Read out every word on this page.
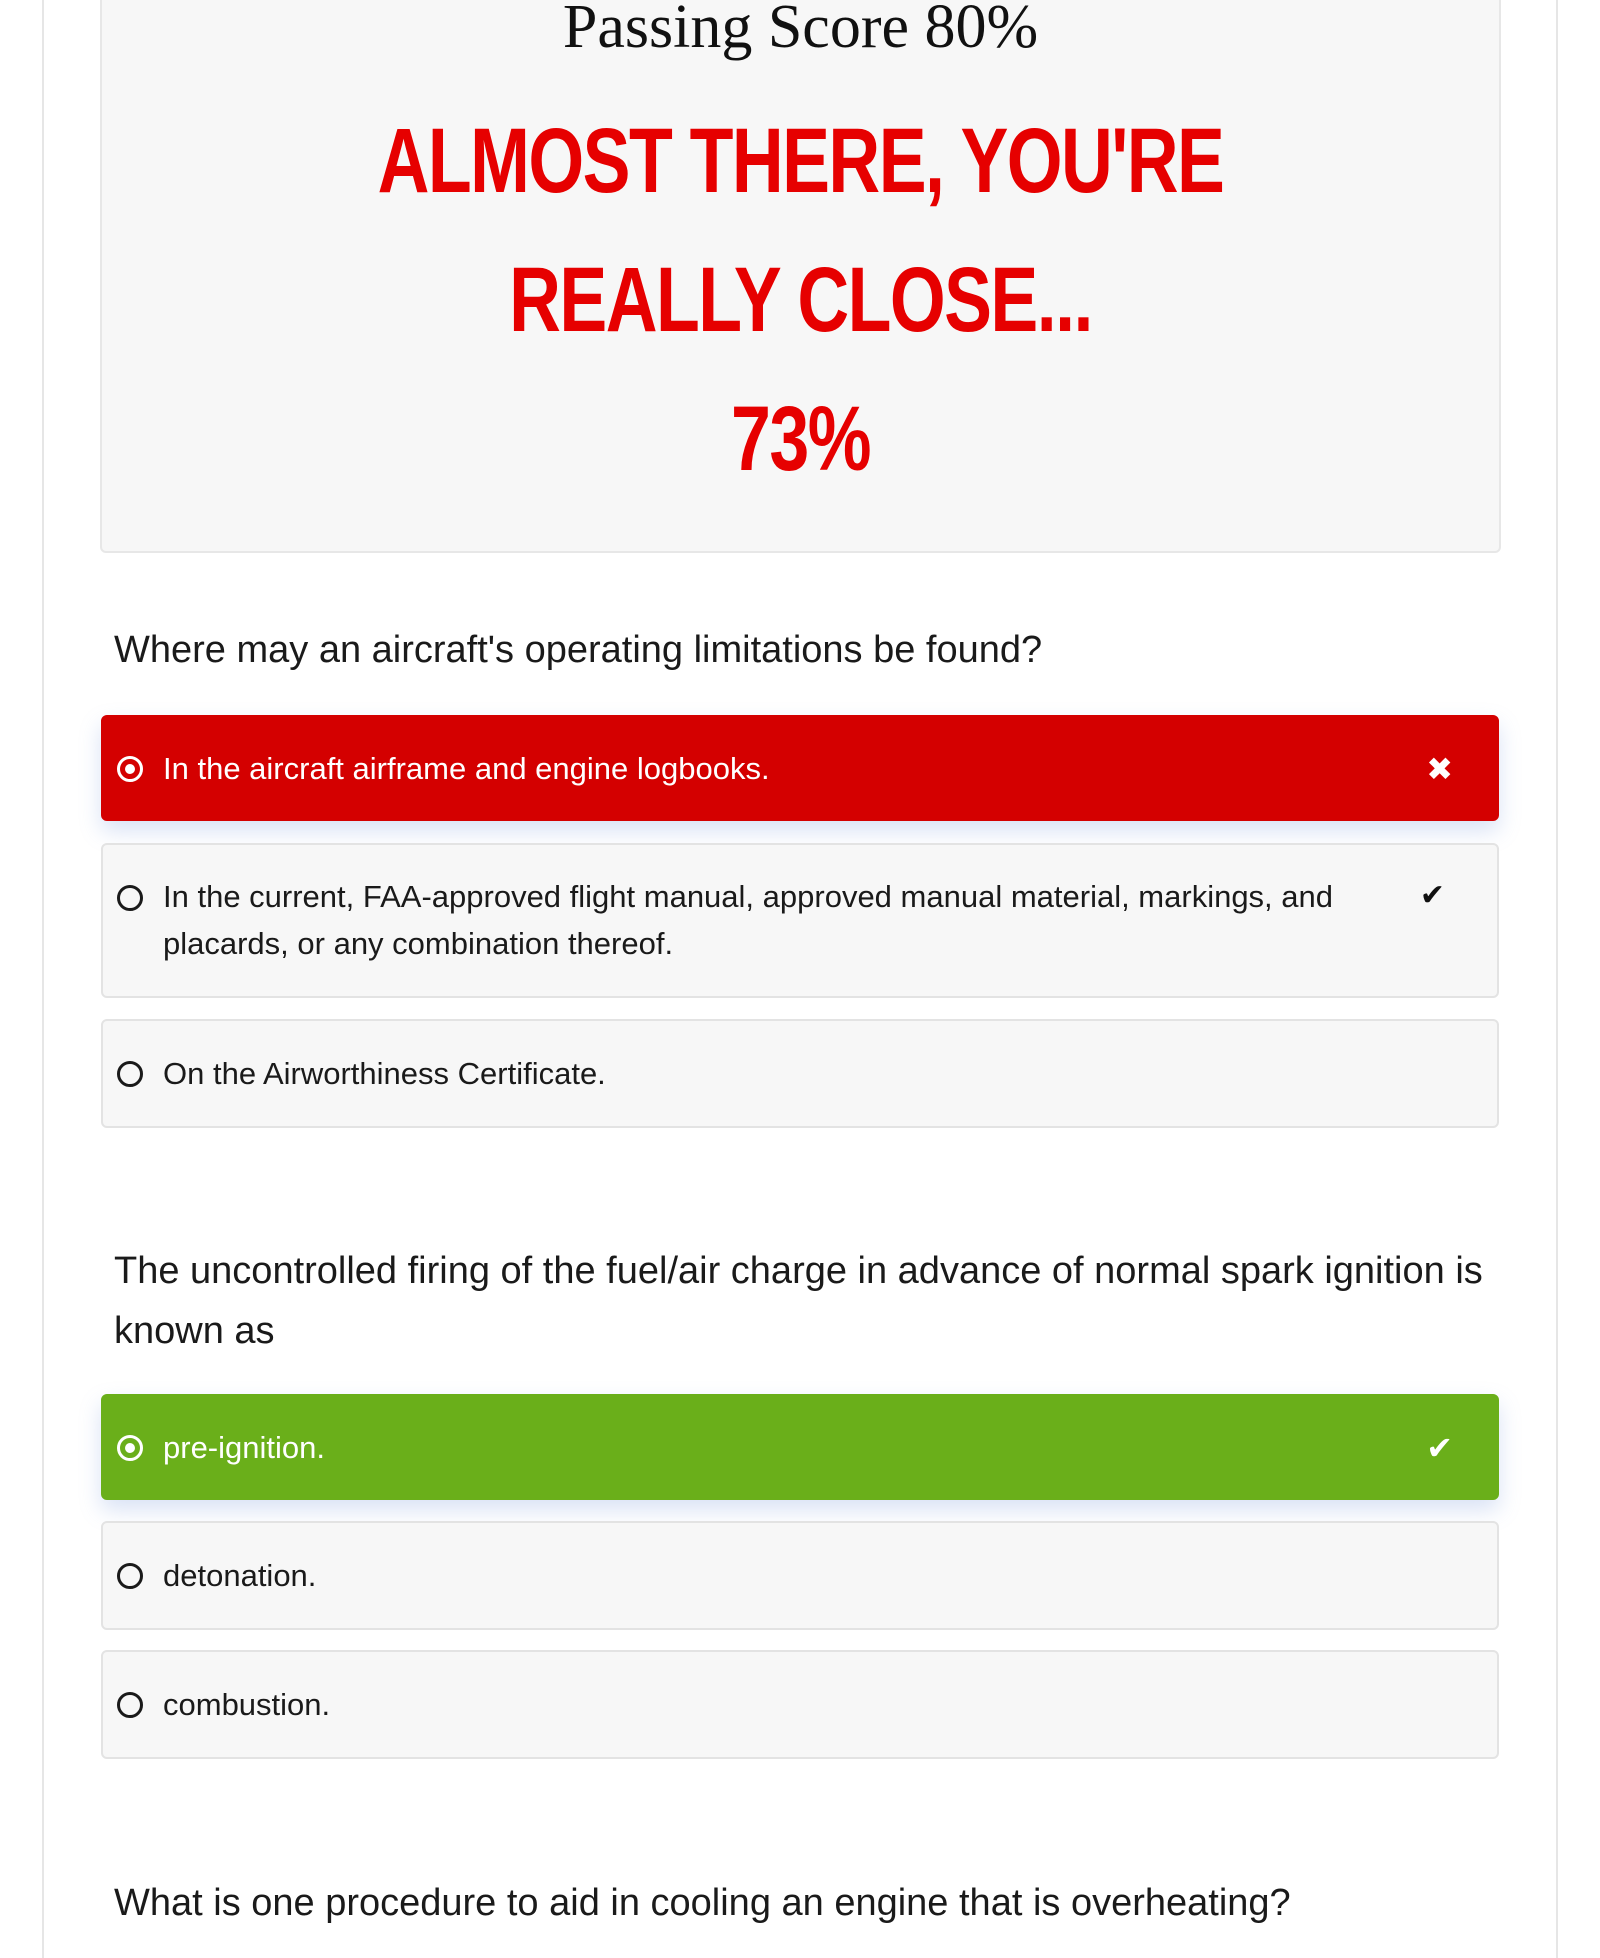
Passing Score 80%
ALMOST THERE, YOU'RE REALLY CLOSE...
73%
Where may an aircraft's operating limitations be found?
In the aircraft airframe and engine logbooks.	✖
In the current, FAA-approved flight manual, approved manual material, markings, and placards, or any combination thereof.
✔
On the Airworthiness Certificate.
The uncontrolled firing of the fuel/air charge in advance of normal spark ignition is known as
pre-ignition.	✔
detonation.
combustion.
What is one procedure to aid in cooling an engine that is overheating?
